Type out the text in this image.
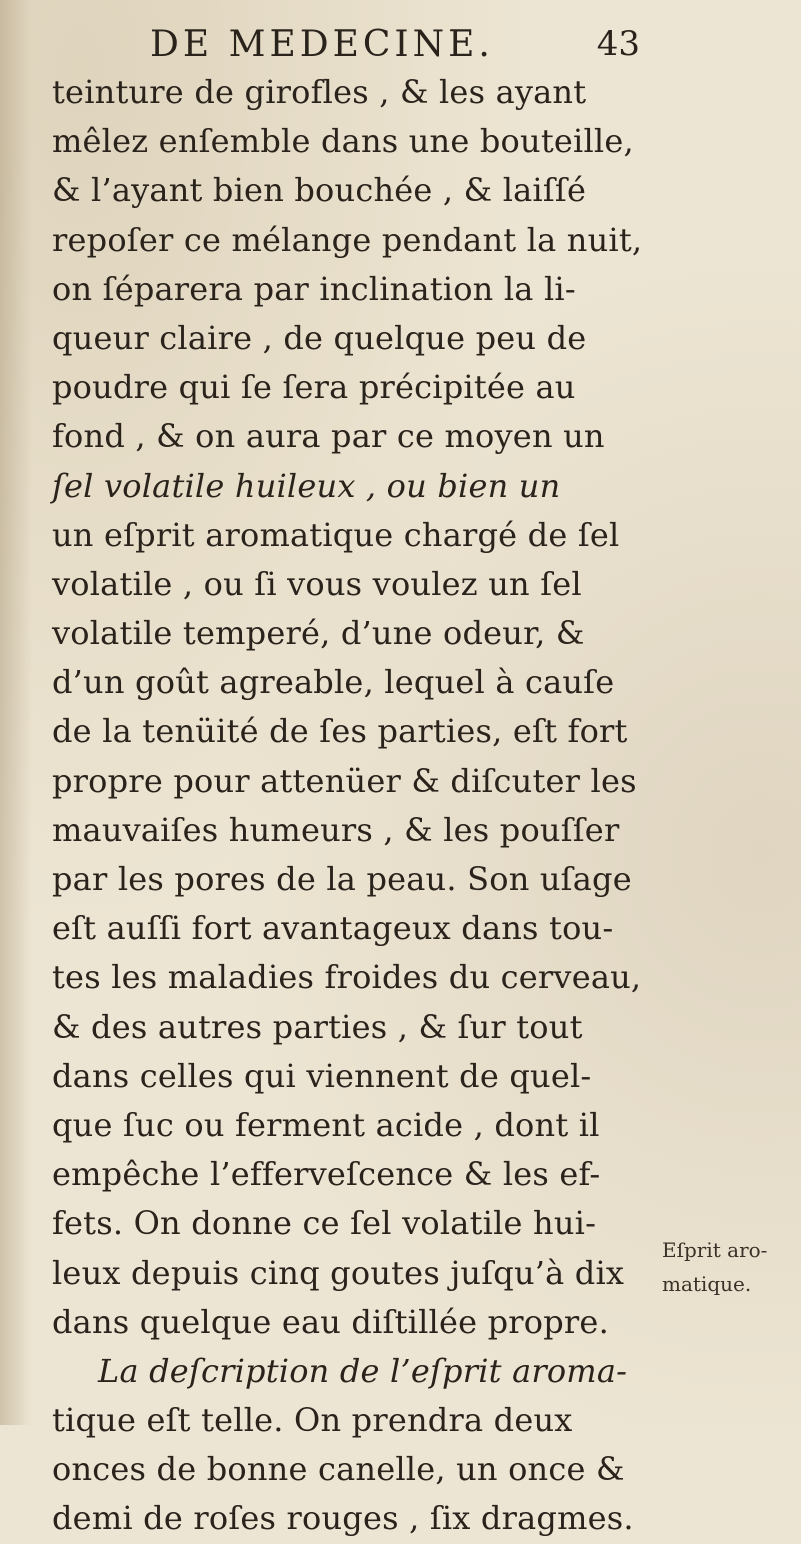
DE MEDECINE.	43
teinture de girofles , & les ayant
mêlez enſemble dans une bouteille,
& l’ayant bien bouchée , & laiſſé
repoſer ce mélange pendant la nuit,
on ſéparera par inclination la li-
queur claire , de quelque peu de
poudre qui ſe ſera précipitée au
fond , & on aura par ce moyen un
ſel volatile huileux , ou bien un
un eſprit aromatique chargé de ſel
volatile , ou ſi vous voulez un ſel
volatile temperé, d’une odeur, &
d’un goût agreable, lequel à cauſe
de la tenüité de ſes parties, eſt fort
propre pour attenüer & diſcuter les
mauvaiſes humeurs , & les pouſſer
par les pores de la peau. Son uſage
eſt auſſi fort avantageux dans tou-
tes les maladies froides du cerveau,
& des autres parties , & ſur tout
dans celles qui viennent de quel-
que ſuc ou ferment acide , dont il
empêche l’efferveſcence & les ef-
fets. On donne ce ſel volatile hui-
leux depuis cinq goutes juſqu’à dix
dans quelque eau diſtillée propre.
La deſcription de l’eſprit aroma-
tique eſt telle. On prendra deux
onces de bonne canelle, un once &
demi de roſes rouges , ſix dragmes.
Eſprit aro-
matique.
